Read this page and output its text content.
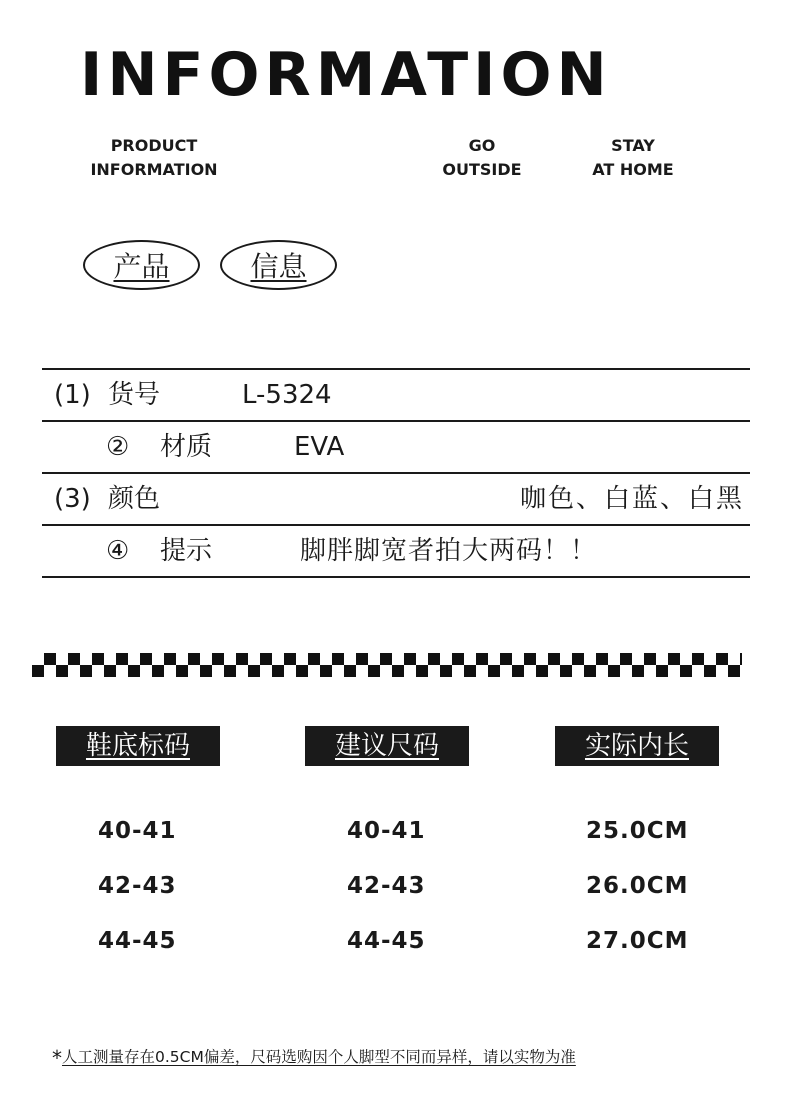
INFORMATION
PRODUCT
INFORMATION
GO
OUTSIDE
STAY
AT HOME
产品	信息
(1) 货号	L-5324
② 材质	EVA
(3) 颜色	咖色、白蓝、白黑
④ 提示	脚胖脚宽者拍大两码！！
鞋底标码	建议尺码	实际内长
40-41	40-41	25.0CM
42-43	42-43	26.0CM
44-45	44-45	27.0CM
*人工测量存在0.5CM偏差，尺码选购因个人脚型不同而异样，请以实物为准
